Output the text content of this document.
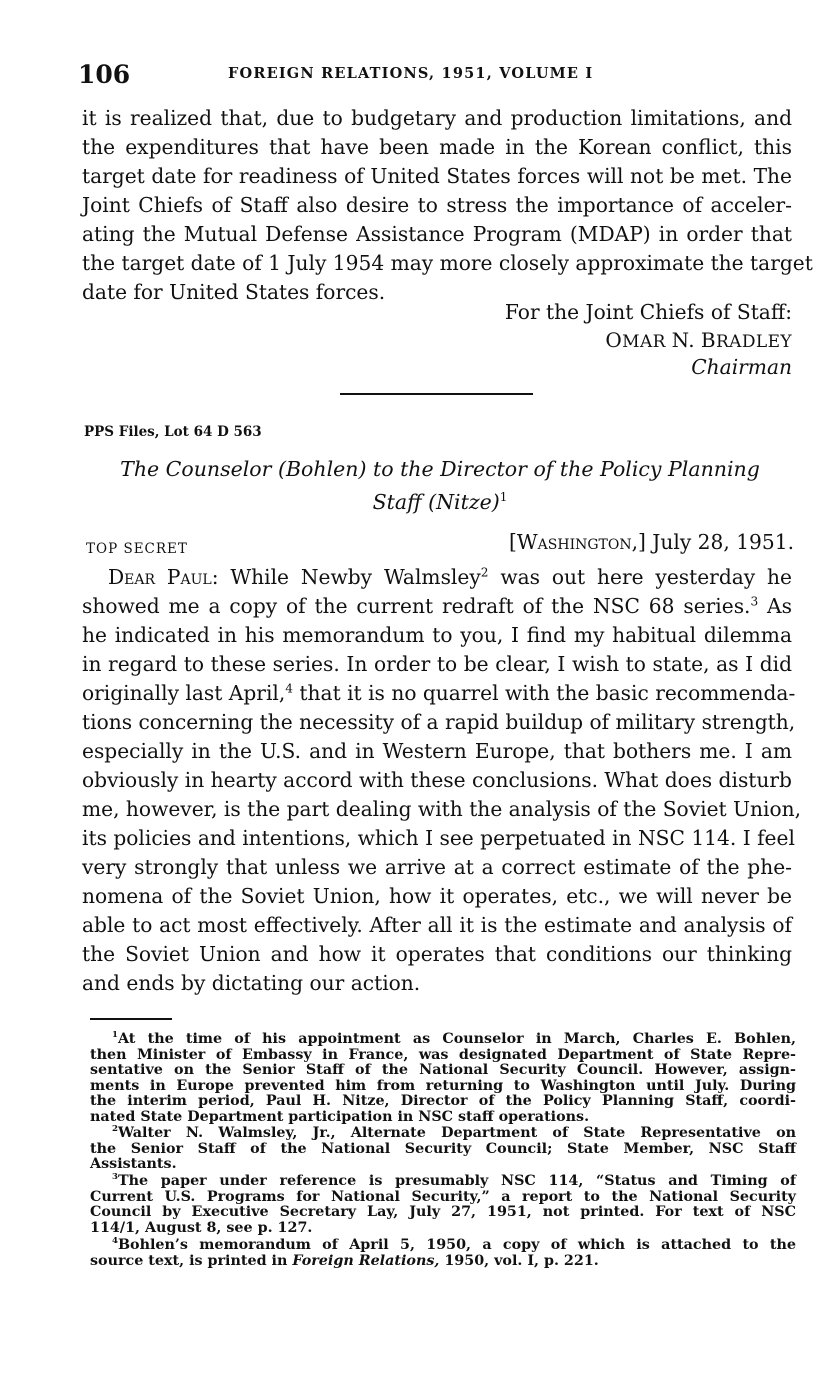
106	FOREIGN RELATIONS, 1951, VOLUME I
it is realized that, due to budgetary and production limitations, and
the expenditures that have been made in the Korean conflict, this
target date for readiness of United States forces will not be met. The
Joint Chiefs of Staff also desire to stress the importance of acceler-
ating the Mutual Defense Assistance Program (MDAP) in order that
the target date of 1 July 1954 may more closely approximate the target
date for United States forces.
For the Joint Chiefs of Staff:
OMAR N. BRADLEY
Chairman
PPS Files, Lot 64 D 563
The Counselor (Bohlen) to the Director of the Policy Planning
Staff (Nitze)$^1$
TOP SECRET	[Washington,] July 28, 1951.
Dear Paul: While Newby Walmsley$^2$ was out here yesterday he
showed me a copy of the current redraft of the NSC 68 series.$^3$ As
he indicated in his memorandum to you, I find my habitual dilemma
in regard to these series. In order to be clear, I wish to state, as I did
originally last April,$^4$ that it is no quarrel with the basic recommenda-
tions concerning the necessity of a rapid buildup of military strength,
especially in the U.S. and in Western Europe, that bothers me. I am
obviously in hearty accord with these conclusions. What does disturb
me, however, is the part dealing with the analysis of the Soviet Union,
its policies and intentions, which I see perpetuated in NSC 114. I feel
very strongly that unless we arrive at a correct estimate of the phe-
nomena of the Soviet Union, how it operates, etc., we will never be
able to act most effectively. After all it is the estimate and analysis of
the Soviet Union and how it operates that conditions our thinking
and ends by dictating our action.
$^1$At the time of his appointment as Counselor in March, Charles E. Bohlen,
then Minister of Embassy in France, was designated Department of State Repre-
sentative on the Senior Staff of the National Security Council. However, assign-
ments in Europe prevented him from returning to Washington until July. During
the interim period, Paul H. Nitze, Director of the Policy Planning Staff, coordi-
nated State Department participation in NSC staff operations.
$^2$Walter N. Walmsley, Jr., Alternate Department of State Representative on
the Senior Staff of the National Security Council; State Member, NSC Staff
Assistants.
$^3$The paper under reference is presumably NSC 114, “Status and Timing of
Current U.S. Programs for National Security,” a report to the National Security
Council by Executive Secretary Lay, July 27, 1951, not printed. For text of NSC
114/1, August 8, see p. 127.
$^4$Bohlen’s memorandum of April 5, 1950, a copy of which is attached to the
source text, is printed in Foreign Relations, 1950, vol. I, p. 221.
